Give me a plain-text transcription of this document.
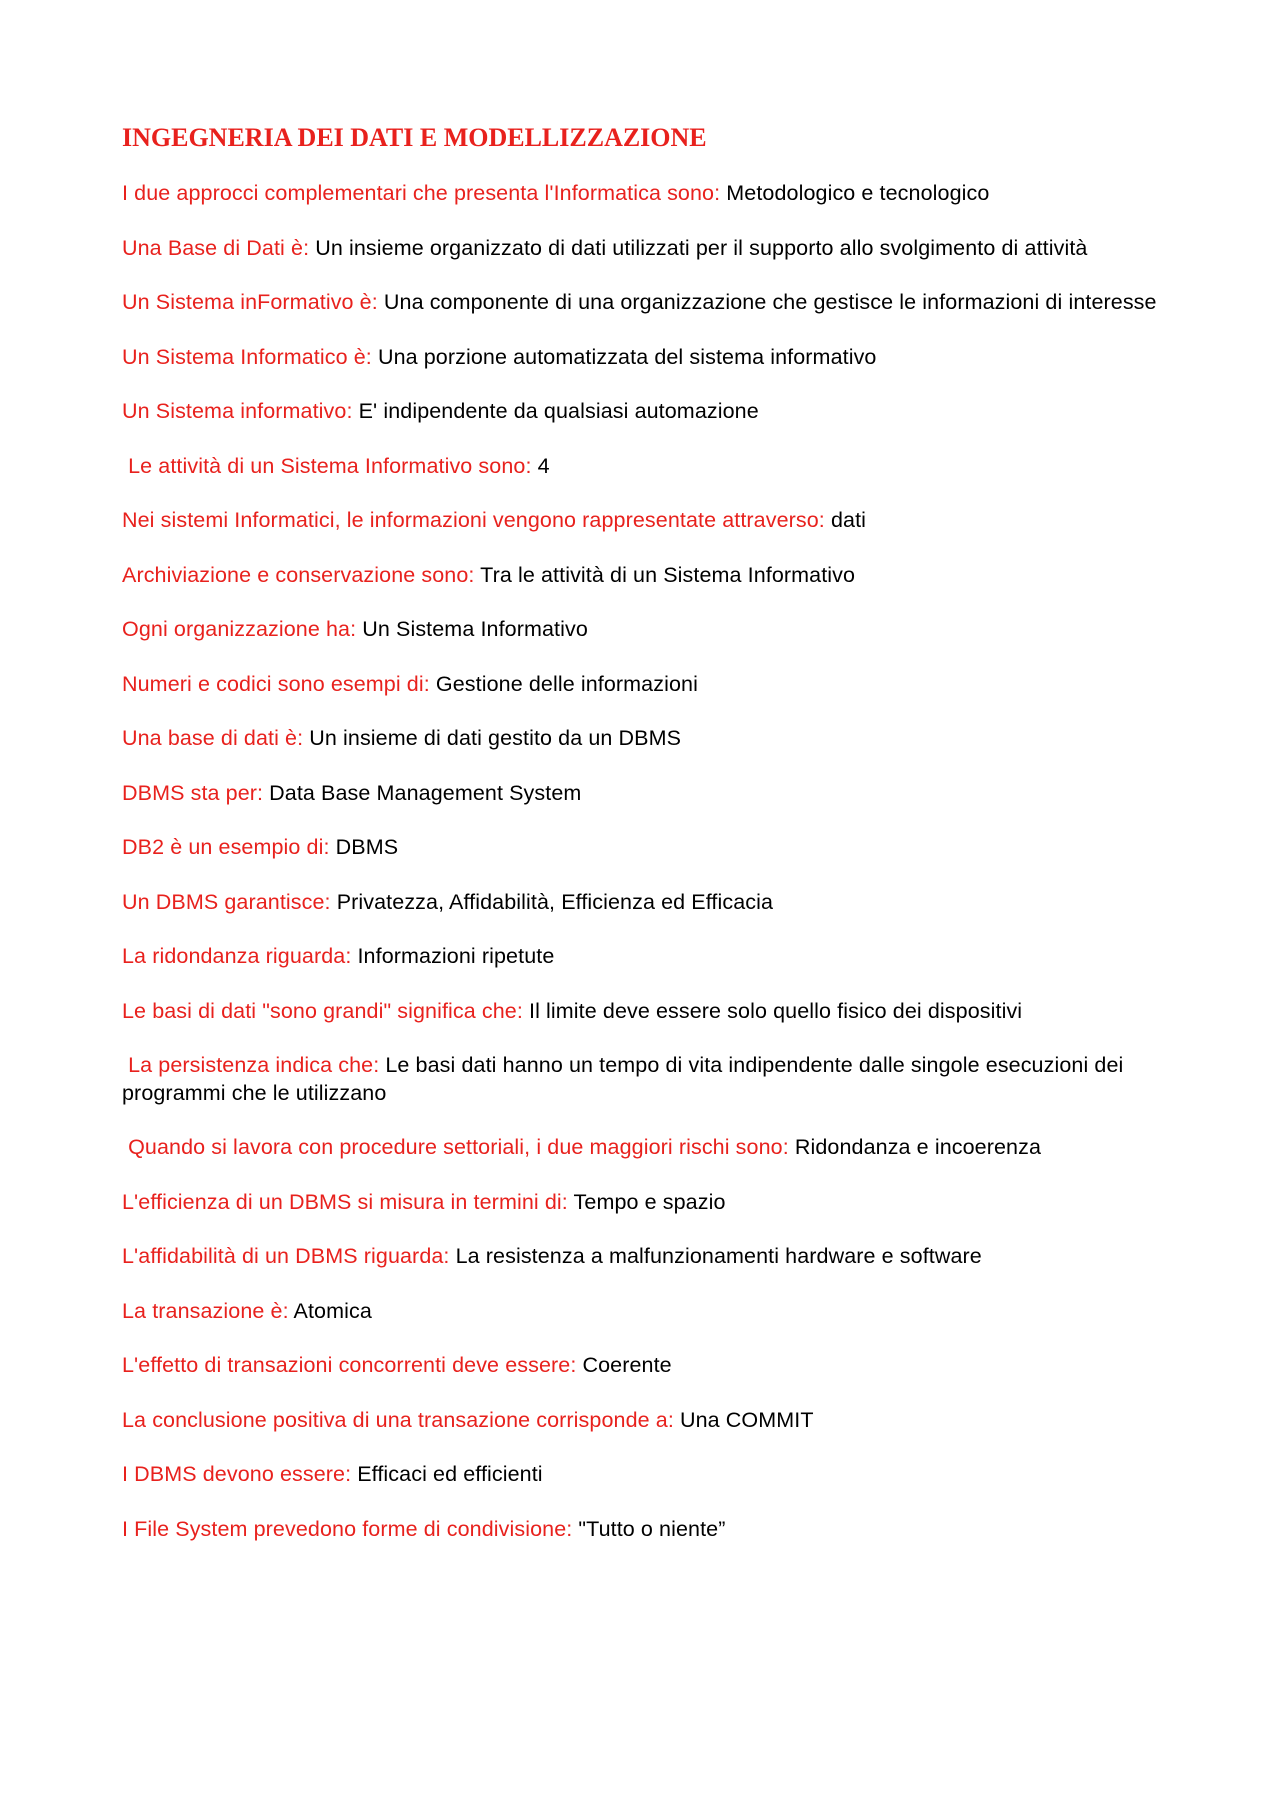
INGEGNERIA DEI DATI E MODELLIZZAZIONE

I due approcci complementari che presenta l'Informatica sono: Metodologico e tecnologico

Una Base di Dati è: Un insieme organizzato di dati utilizzati per il supporto allo svolgimento di attività

Un Sistema inFormativo è: Una componente di una organizzazione che gestisce le informazioni di interesse

Un Sistema Informatico è: Una porzione automatizzata del sistema informativo

Un Sistema informativo: E' indipendente da qualsiasi automazione

Le attività di un Sistema Informativo sono: 4

Nei sistemi Informatici, le informazioni vengono rappresentate attraverso: dati

Archiviazione e conservazione sono: Tra le attività di un Sistema Informativo

Ogni organizzazione ha: Un Sistema Informativo

Numeri e codici sono esempi di: Gestione delle informazioni

Una base di dati è: Un insieme di dati gestito da un DBMS

DBMS sta per: Data Base Management System

DB2 è un esempio di: DBMS

Un DBMS garantisce: Privatezza, Affidabilità, Efficienza ed Efficacia

La ridondanza riguarda: Informazioni ripetute

Le basi di dati "sono grandi" significa che: Il limite deve essere solo quello fisico dei dispositivi

La persistenza indica che: Le basi dati hanno un tempo di vita indipendente dalle singole esecuzioni dei programmi che le utilizzano

Quando si lavora con procedure settoriali, i due maggiori rischi sono: Ridondanza e incoerenza

L'efficienza di un DBMS si misura in termini di: Tempo e spazio

L'affidabilità di un DBMS riguarda: La resistenza a malfunzionamenti hardware e software

La transazione è: Atomica

L'effetto di transazioni concorrenti deve essere: Coerente

La conclusione positiva di una transazione corrisponde a: Una COMMIT

I DBMS devono essere: Efficaci ed efficienti

I File System prevedono forme di condivisione: "Tutto o niente”
